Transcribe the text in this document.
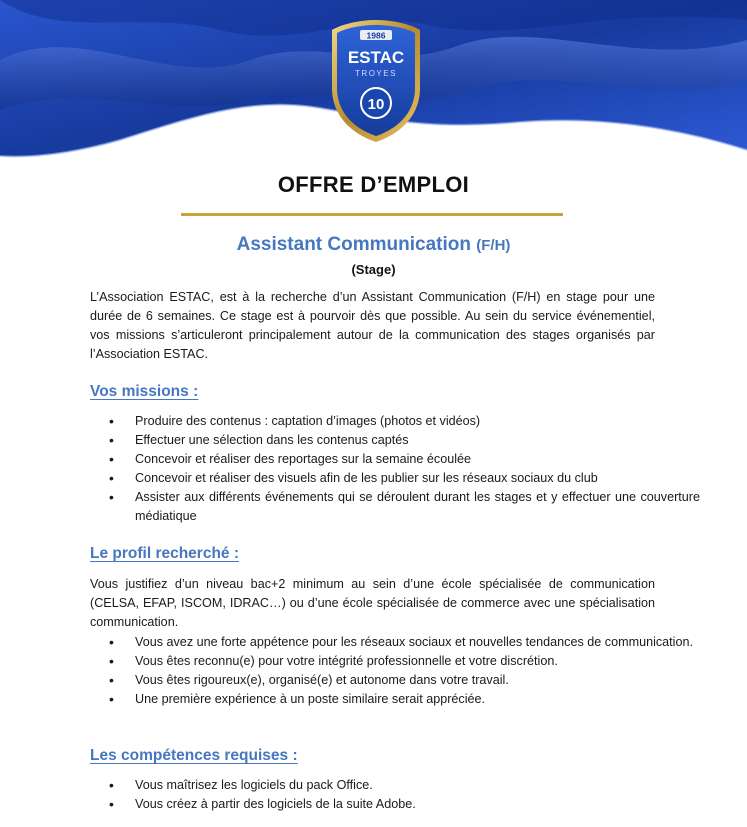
1986
ESTAC
TROYES
10
OFFRE D’EMPLOI
Assistant Communication (F/H)
(Stage)
L’Association ESTAC, est à la recherche d’un Assistant Communication (F/H) en stage pour une durée de 6 semaines. Ce stage est à pourvoir dès que possible. Au sein du service événementiel, vos missions s’articuleront principalement autour de la communication des stages organisés par l’Association ESTAC.
Vos missions :
• Produire des contenus : captation d’images (photos et vidéos)
• Effectuer une sélection dans les contenus captés
• Concevoir et réaliser des reportages sur la semaine écoulée
• Concevoir et réaliser des visuels afin de les publier sur les réseaux sociaux du club
• Assister aux différents événements qui se déroulent durant les stages et y effectuer une couverture médiatique
Le profil recherché :
Vous justifiez d’un niveau bac+2 minimum au sein d’une école spécialisée de communication (CELSA, EFAP, ISCOM, IDRAC…) ou d’une école spécialisée de commerce avec une spécialisation communication.
• Vous avez une forte appétence pour les réseaux sociaux et nouvelles tendances de communication.
• Vous êtes reconnu(e) pour votre intégrité professionnelle et votre discrétion.
• Vous êtes rigoureux(e), organisé(e) et autonome dans votre travail.
• Une première expérience à un poste similaire serait appréciée.
Les compétences requises :
• Vous maîtrisez les logiciels du pack Office.
• Vous créez à partir des logiciels de la suite Adobe.
